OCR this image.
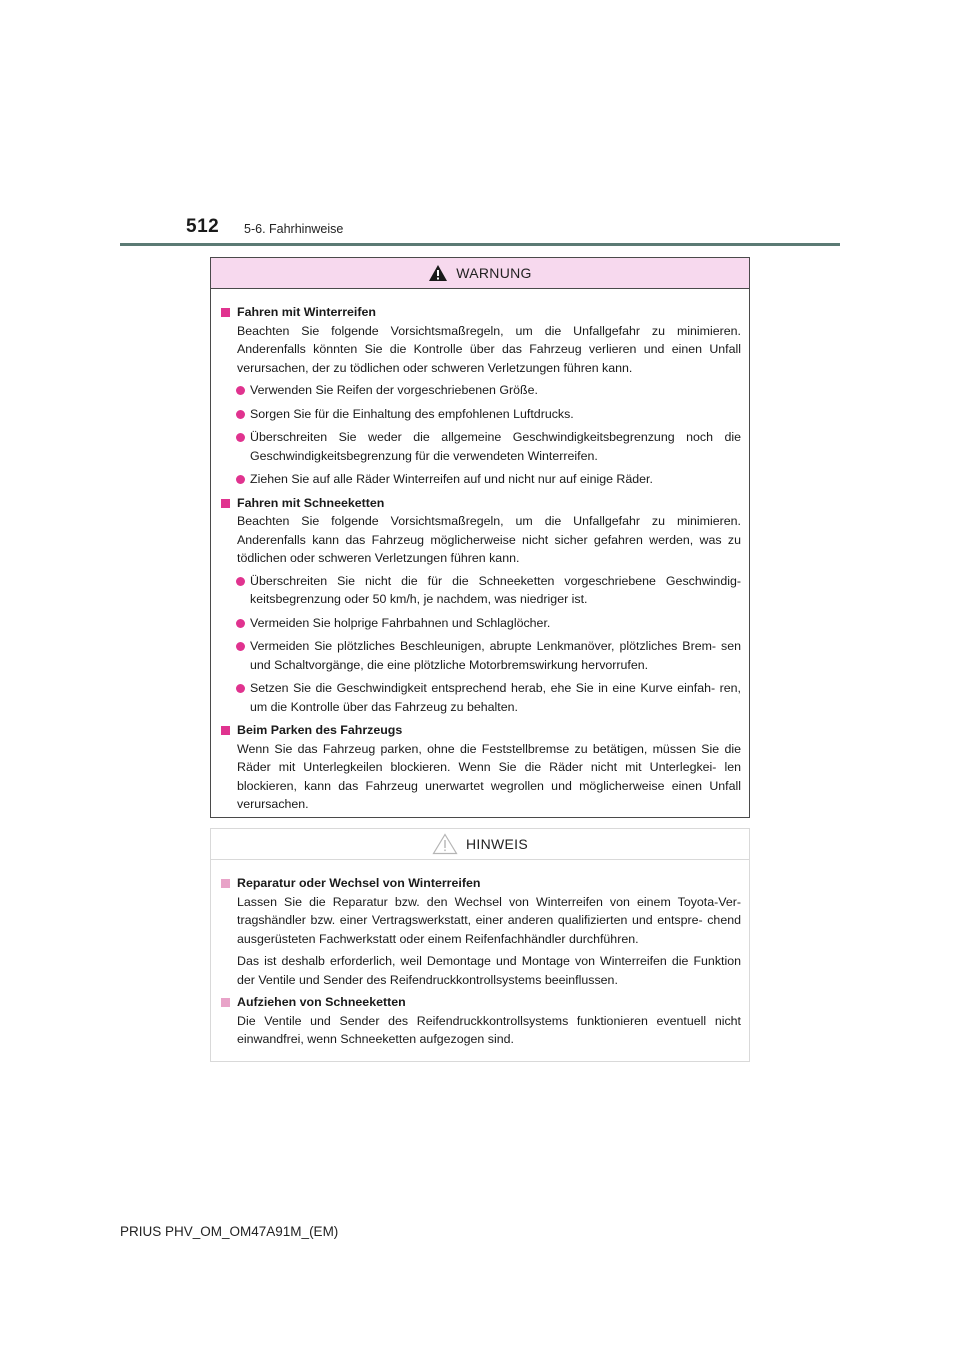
512 5-6. Fahrhinweise
WARNUNG
Fahren mit Winterreifen
Beachten Sie folgende Vorsichtsmaßregeln, um die Unfallgefahr zu minimieren. Anderenfalls könnten Sie die Kontrolle über das Fahrzeug verlieren und einen Unfall verursachen, der zu tödlichen oder schweren Verletzungen führen kann.
Verwenden Sie Reifen der vorgeschriebenen Größe.
Sorgen Sie für die Einhaltung des empfohlenen Luftdrucks.
Überschreiten Sie weder die allgemeine Geschwindigkeitsbegrenzung noch die Geschwindigkeitsbegrenzung für die verwendeten Winterreifen.
Ziehen Sie auf alle Räder Winterreifen auf und nicht nur auf einige Räder.
Fahren mit Schneeketten
Beachten Sie folgende Vorsichtsmaßregeln, um die Unfallgefahr zu minimieren. Anderenfalls kann das Fahrzeug möglicherweise nicht sicher gefahren werden, was zu tödlichen oder schweren Verletzungen führen kann.
Überschreiten Sie nicht die für die Schneeketten vorgeschriebene Geschwindig- keitsbegrenzung oder 50 km/h, je nachdem, was niedriger ist.
Vermeiden Sie holprige Fahrbahnen und Schlaglöcher.
Vermeiden Sie plötzliches Beschleunigen, abrupte Lenkmanöver, plötzliches Brem- sen und Schaltvorgänge, die eine plötzliche Motorbremswirkung hervorrufen.
Setzen Sie die Geschwindigkeit entsprechend herab, ehe Sie in eine Kurve einfah- ren, um die Kontrolle über das Fahrzeug zu behalten.
Beim Parken des Fahrzeugs
Wenn Sie das Fahrzeug parken, ohne die Feststellbremse zu betätigen, müssen Sie die Räder mit Unterlegkeilen blockieren. Wenn Sie die Räder nicht mit Unterlegkei- len blockieren, kann das Fahrzeug unerwartet wegrollen und möglicherweise einen Unfall verursachen.
HINWEIS
Reparatur oder Wechsel von Winterreifen
Lassen Sie die Reparatur bzw. den Wechsel von Winterreifen von einem Toyota-Ver- tragshändler bzw. einer Vertragswerkstatt, einer anderen qualifizierten und entspre- chend ausgerüsteten Fachwerkstatt oder einem Reifenfachhändler durchführen.
Das ist deshalb erforderlich, weil Demontage und Montage von Winterreifen die Funktion der Ventile und Sender des Reifendruckkontrollsystems beeinflussen.
Aufziehen von Schneeketten
Die Ventile und Sender des Reifendruckkontrollsystems funktionieren eventuell nicht einwandfrei, wenn Schneeketten aufgezogen sind.
PRIUS PHV_OM_OM47A91M_(EM)
